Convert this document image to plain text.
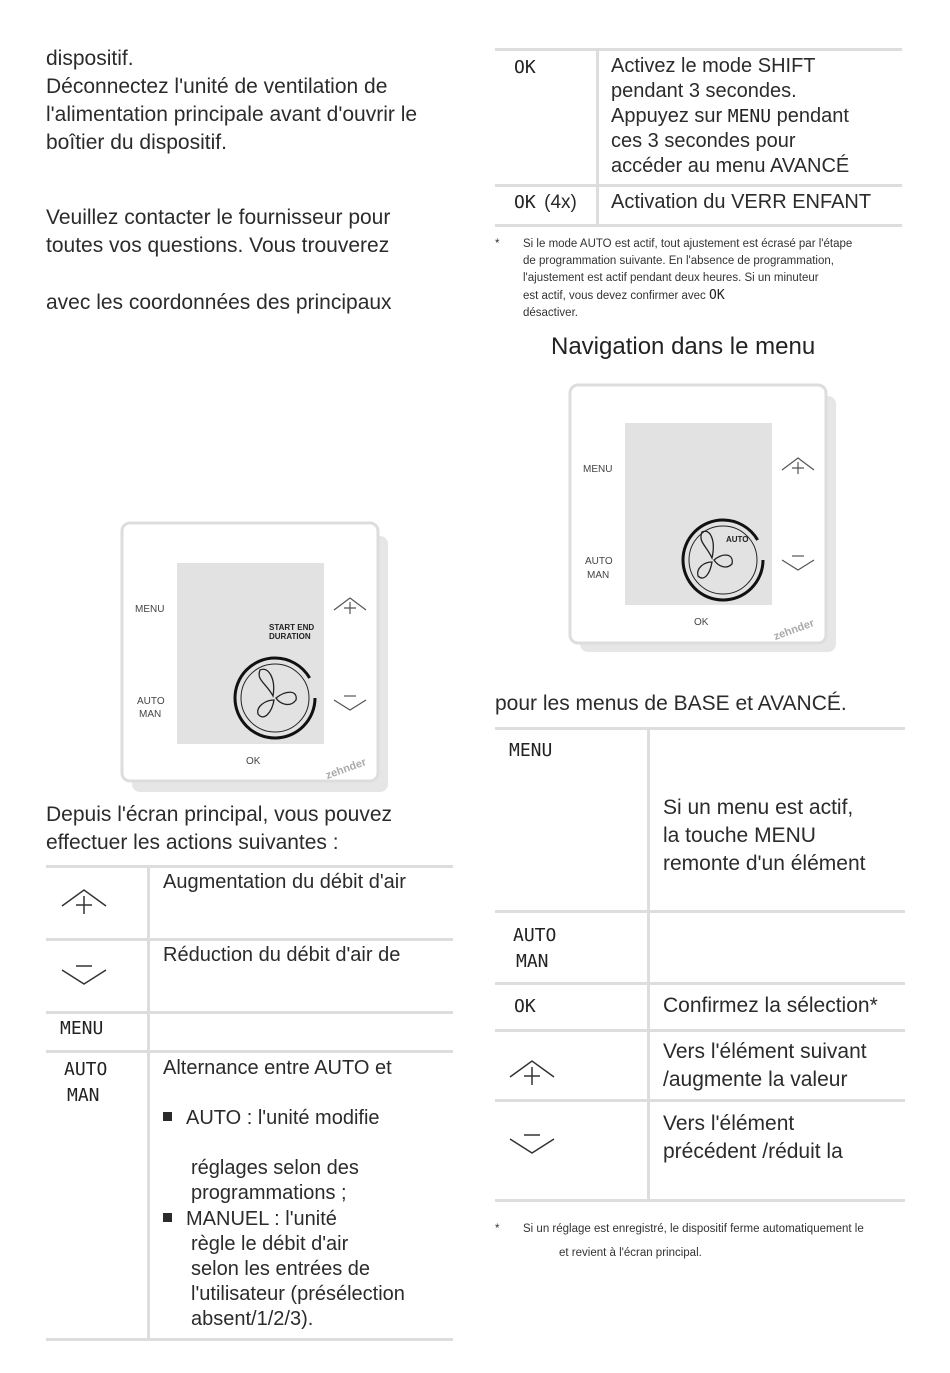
dispositif.
Déconnectez l'unité de ventilation de
l'alimentation principale avant d'ouvrir le
boîtier du dispositif.
Veuillez contacter le fournisseur pour
toutes vos questions. Vous trouverez
avec les coordonnées des principaux
MENU
AUTO
MAN
OK
START END
DURATION
zehnder
Depuis l'écran principal, vous pouvez
effectuer les actions suivantes :
Augmentation du débit d'air
Réduction du débit d'air de
MENU
AUTO
MAN
Alternance entre AUTO et
AUTO : l'unité modifie
réglages selon des
programmations ;
MANUEL : l'unité
règle le débit d'air
selon les entrées de
l'utilisateur (présélection
absent/1/2/3).
OK	Activez le mode SHIFT
pendant 3 secondes.
Appuyez sur MENU pendant
ces 3 secondes pour
accéder au menu AVANCÉ
OK (4x) Activation du VERR ENFANT
* Si le mode AUTO est actif, tout ajustement est écrasé par l'étape
de programmation suivante. En l'absence de programmation,
l'ajustement est actif pendant deux heures. Si un minuteur
est actif, vous devez confirmer avec OK
désactiver.
Navigation dans le menu
MENU
AUTO
MAN
OK
AUTO
zehnder
pour les menus de BASE et AVANCÉ.
MENU
Si un menu est actif,
la touche MENU
remonte d'un élément
AUTO
MAN
OK	Confirmez la sélection*
Vers l'élément suivant
/augmente la valeur
Vers l'élément
précédent /réduit la
* Si un réglage est enregistré, le dispositif ferme automatiquement le
et revient à l'écran principal.
